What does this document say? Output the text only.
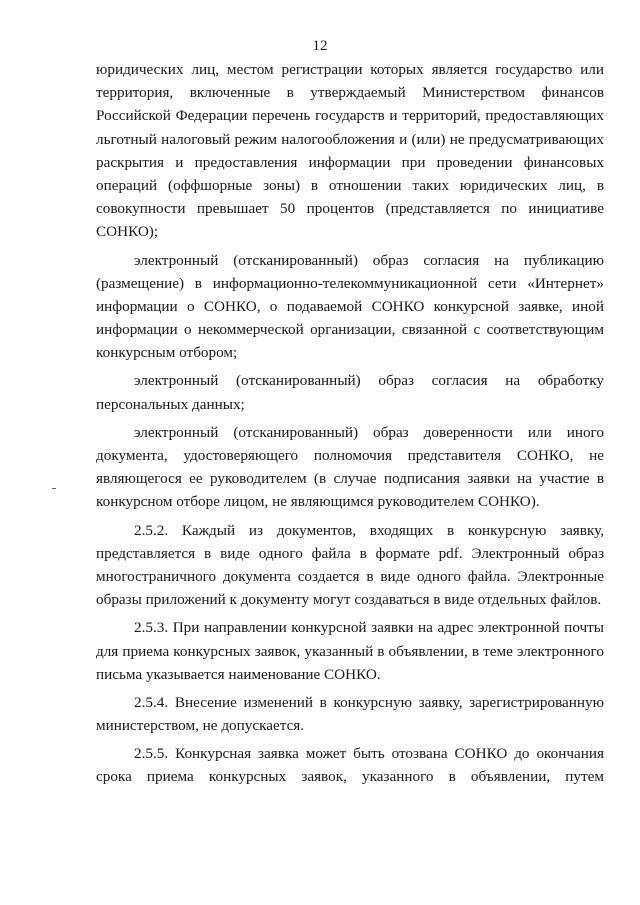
12
юридических лиц, местом регистрации которых является государство или
территория, включенные в утверждаемый Министерством финансов
Российской Федерации перечень государств и территорий, предоставляющих
льготный налоговый режим налогообложения и (или) не предусматривающих
раскрытия и предоставления информации при проведении финансовых
операций (оффшорные зоны) в отношении таких юридических лиц, в
совокупности превышает 50 процентов (представляется по инициативе
СОНКО);
электронный (отсканированный) образ согласия на публикацию
(размещение) в информационно-телекоммуникационной сети «Интернет»
информации о СОНКО, о подаваемой СОНКО конкурсной заявке, иной
информации о некоммерческой организации, связанной с соответствующим
конкурсным отбором;
электронный (отсканированный) образ согласия на обработку
персональных данных;
электронный (отсканированный) образ доверенности или иного
документа, удостоверяющего полномочия представителя СОНКО, не
являющегося ее руководителем (в случае подписания заявки на участие в
конкурсном отборе лицом, не являющимся руководителем СОНКО).
2.5.2. Каждый из документов, входящих в конкурсную заявку,
представляется в виде одного файла в формате pdf. Электронный образ
многостраничного документа создается в виде одного файла. Электронные
образы приложений к документу могут создаваться в виде отдельных файлов.
2.5.3. При направлении конкурсной заявки на адрес электронной почты
для приема конкурсных заявок, указанный в объявлении, в теме электронного
письма указывается наименование СОНКО.
2.5.4. Внесение изменений в конкурсную заявку, зарегистрированную
министерством, не допускается.
2.5.5. Конкурсная заявка может быть отозвана СОНКО до окончания
срока приема конкурсных заявок, указанного в объявлении, путем
